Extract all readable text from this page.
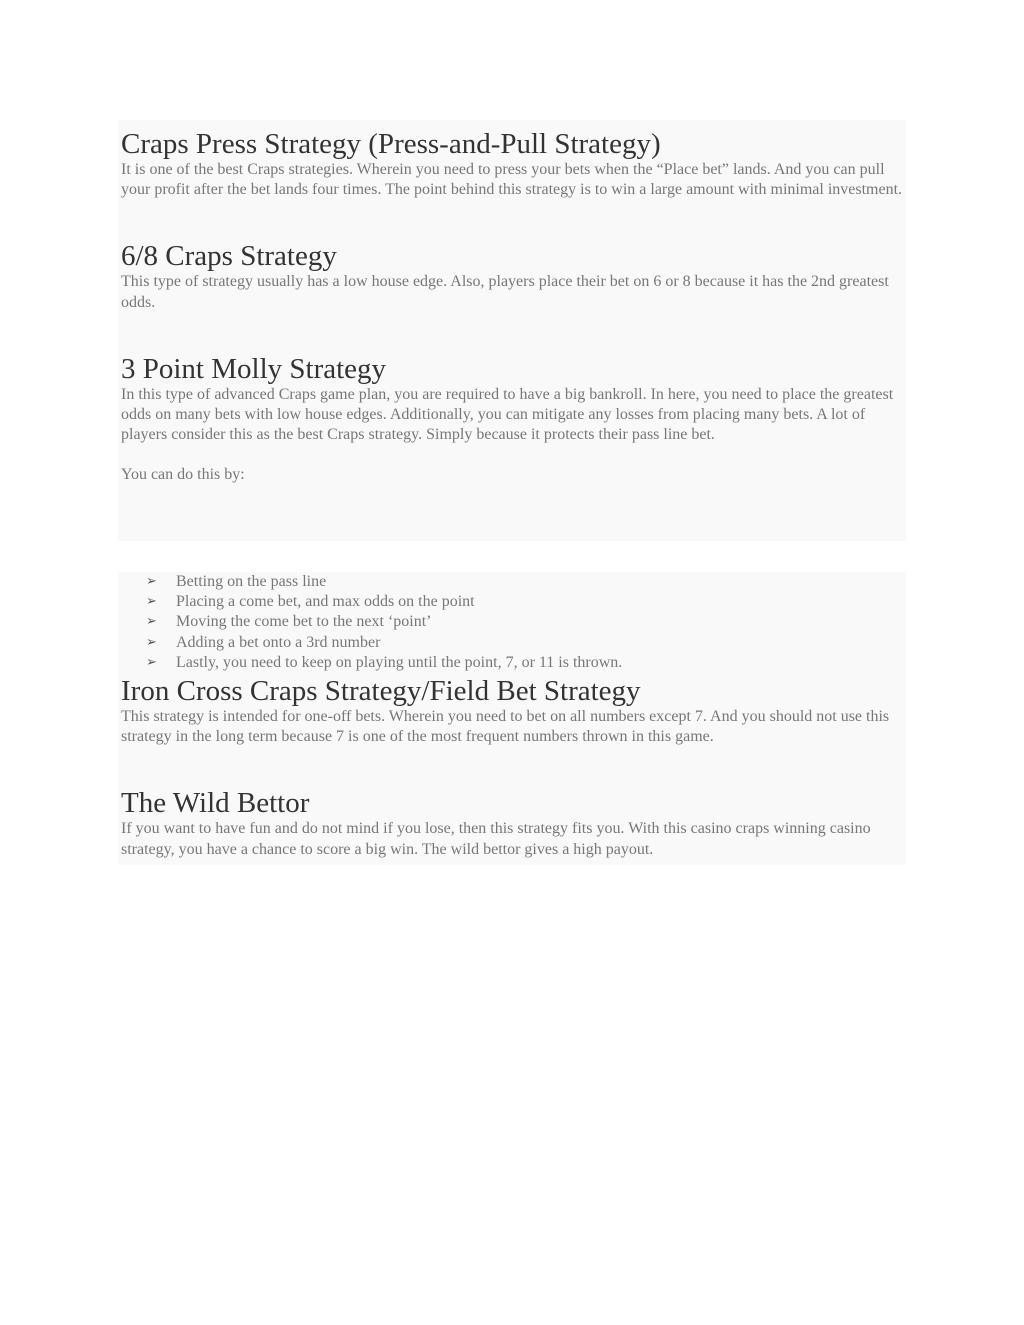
Craps Press Strategy (Press-and-Pull Strategy)

It is one of the best Craps strategies. Wherein you need to press your bets when the “Place bet” lands. And you can pull your profit after the bet lands four times. The point behind this strategy is to win a large amount with minimal investment.

6/8 Craps Strategy

This type of strategy usually has a low house edge. Also, players place their bet on 6 or 8 because it has the 2nd greatest odds.

3 Point Molly Strategy

In this type of advanced Craps game plan, you are required to have a big bankroll. In here, you need to place the greatest odds on many bets with low house edges. Additionally, you can mitigate any losses from placing many bets. A lot of players consider this as the best Craps strategy. Simply because it protects their pass line bet.

You can do this by:

➢ Betting on the pass line
➢ Placing a come bet, and max odds on the point
➢ Moving the come bet to the next ‘point’
➢ Adding a bet onto a 3rd number
➢ Lastly, you need to keep on playing until the point, 7, or 11 is thrown.
Iron Cross Craps Strategy/Field Bet Strategy

This strategy is intended for one-off bets. Wherein you need to bet on all numbers except 7. And you should not use this strategy in the long term because 7 is one of the most frequent numbers thrown in this game.

The Wild Bettor

If you want to have fun and do not mind if you lose, then this strategy fits you. With this casino craps winning casino strategy, you have a chance to score a big win. The wild bettor gives a high payout.
